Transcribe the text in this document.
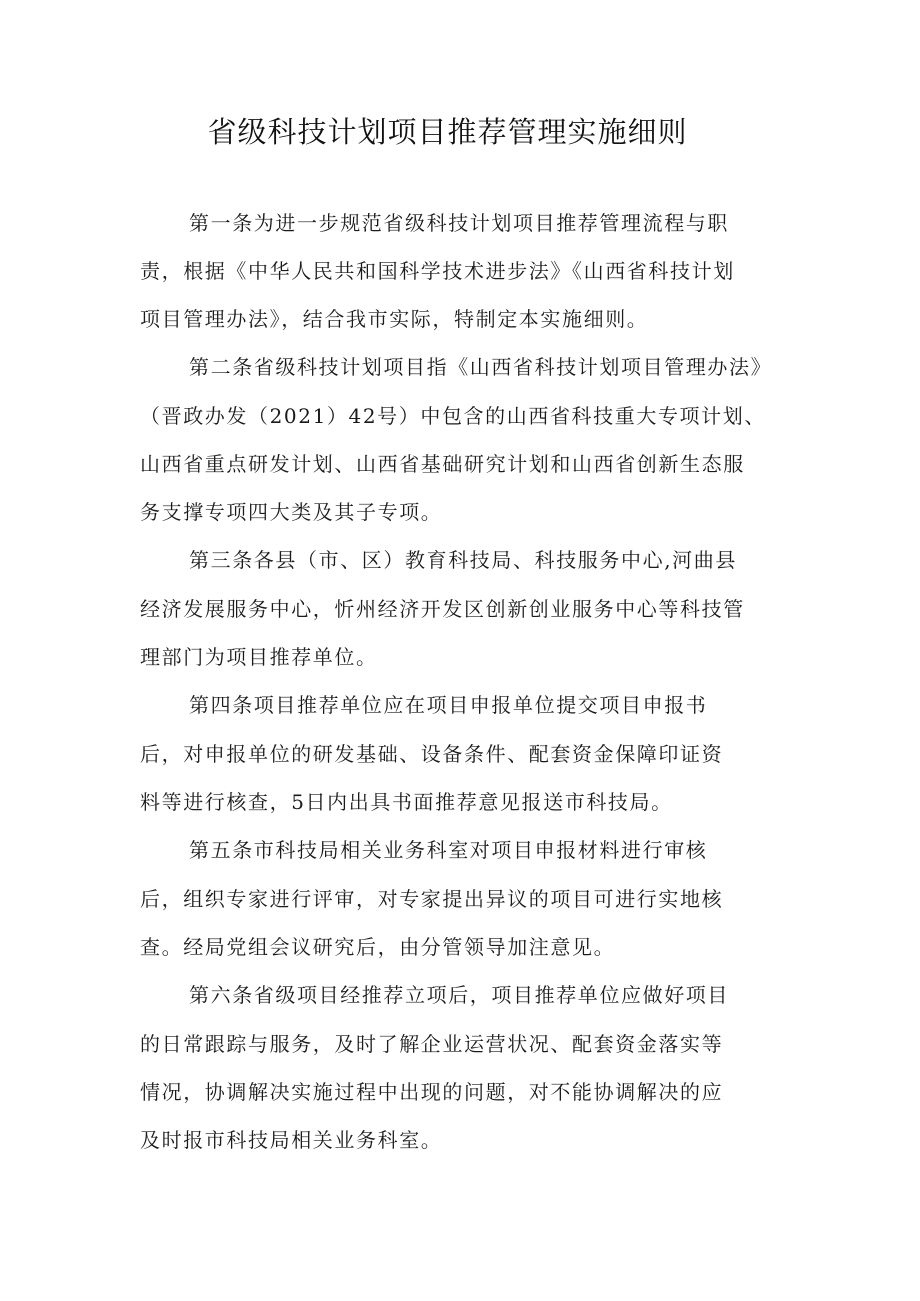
省级科技计划项目推荐管理实施细则
第一条为进一步规范省级科技计划项目推荐管理流程与职
责，根据《中华人民共和国科学技术进步法》《山西省科技计划
项目管理办法》，结合我市实际，特制定本实施细则。
第二条省级科技计划项目指《山西省科技计划项目管理办法》
（晋政办发（2021）42号）中包含的山西省科技重大专项计划、
山西省重点研发计划、山西省基础研究计划和山西省创新生态服
务支撑专项四大类及其子专项。
第三条各县（市、区）教育科技局、科技服务中心,河曲县
经济发展服务中心，忻州经济开发区创新创业服务中心等科技管
理部门为项目推荐单位。
第四条项目推荐单位应在项目申报单位提交项目申报书
后，对申报单位的研发基础、设备条件、配套资金保障印证资
料等进行核查，5日内出具书面推荐意见报送市科技局。
第五条市科技局相关业务科室对项目申报材料进行审核
后，组织专家进行评审，对专家提出异议的项目可进行实地核
查。经局党组会议研究后，由分管领导加注意见。
第六条省级项目经推荐立项后，项目推荐单位应做好项目
的日常跟踪与服务，及时了解企业运营状况、配套资金落实等
情况，协调解决实施过程中出现的问题，对不能协调解决的应
及时报市科技局相关业务科室。
